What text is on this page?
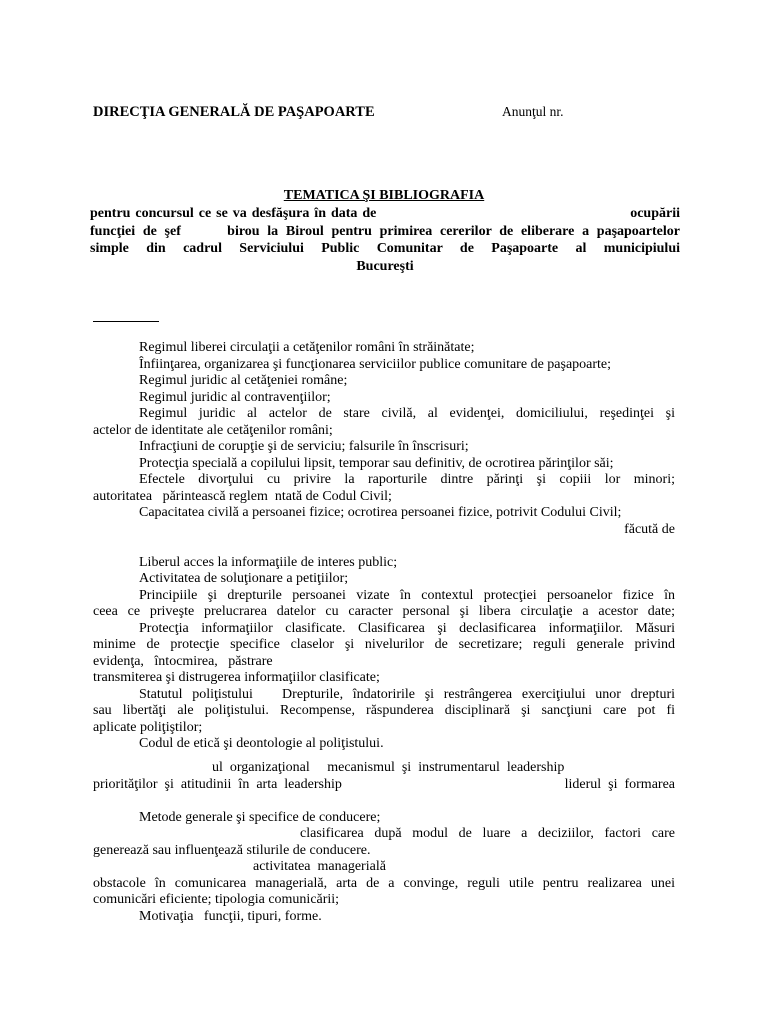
DIRECŢIA GENERALĂ DE PAŞAPOARTE	Anunţul nr.
TEMATICA ŞI BIBLIOGRAFIA
pentru concursul ce se va desfăşura în data de                                                   ocupării
funcţiei de şef      birou la Biroul pentru primirea cererilor de eliberare a paşapoartelor
simple din cadrul Serviciului Public Comunitar de Paşapoarte al municipiului
Bucureşti
Regimul liberei circulaţii a cetăţenilor români în străinătate;
Înfiinţarea, organizarea şi funcţionarea serviciilor publice comunitare de paşapoarte;
Regimul juridic al cetăţeniei române;
Regimul juridic al contravenţiilor;
Regimul juridic al actelor de stare civilă, al evidenţei, domiciliului, reşedinţei şi
actelor de identitate ale cetăţenilor români;
Infracţiuni de corupţie şi de serviciu; falsurile în înscrisuri;
Protecţia specială a copilului lipsit, temporar sau definitiv, de ocrotirea părinţilor săi;
Efectele divorţului cu privire la raporturile dintre părinţi şi copiii lor minori;
autoritatea   părintească reglem  ntată de Codul Civil;
Capacitatea civilă a persoanei fizice; ocrotirea persoanei fizice, potrivit Codului Civil;
făcută de
Liberul acces la informaţiile de interes public;
Activitatea de soluţionare a petiţiilor;
Principiile şi drepturile persoanei vizate în contextul protecţiei persoanelor fizice în
ceea ce priveşte prelucrarea datelor cu caracter personal şi libera circulaţie a acestor date;
Protecţia informaţiilor clasificate. Clasificarea şi declasificarea informaţiilor. Măsuri
minime de protecţie specifice claselor şi nivelurilor de secretizare; reguli generale privind
evidenţa,   întocmirea,   păstrare
transmiterea şi distrugerea informaţiilor clasificate;
Statutul poliţistului   Drepturile, îndatoririle şi restrângerea exerciţiului unor drepturi
sau libertăţi ale poliţistului. Recompense, răspunderea disciplinară şi sancţiuni care pot fi
aplicate poliţiştilor;
Codul de etică şi deontologie al poliţistului.
ul  organizaţional     mecanismul  şi  instrumentarul  leadership
priorităţilor  şi  atitudinii  în  arta  leadership	liderul  şi  formarea
Metode generale şi specifice de conducere;
clasificarea după modul de luare a deciziilor, factori care
generează sau influenţează stilurile de conducere.
activitatea  managerială
obstacole în comunicarea managerială, arta de a convinge, reguli utile pentru realizarea unei
comunicări eficiente; tipologia comunicării;
Motivaţia   funcţii, tipuri, forme.
